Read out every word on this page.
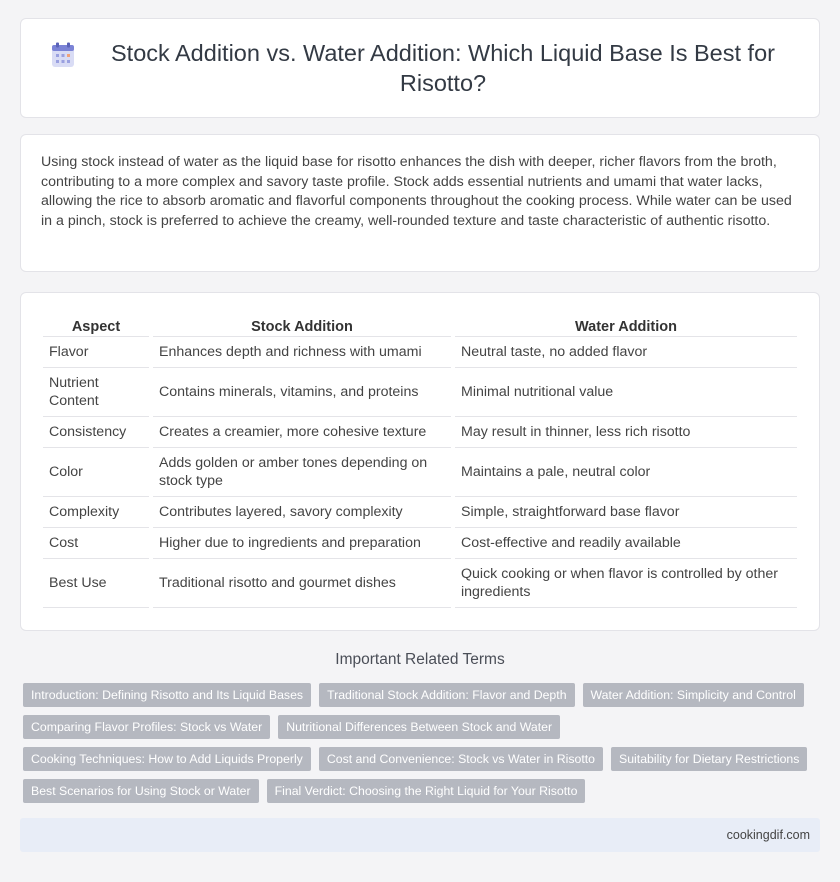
Stock Addition vs. Water Addition: Which Liquid Base Is Best for Risotto?

Using stock instead of water as the liquid base for risotto enhances the dish with deeper, richer flavors from the broth, contributing to a more complex and savory taste profile. Stock adds essential nutrients and umami that water lacks, allowing the rice to absorb aromatic and flavorful components throughout the cooking process. While water can be used in a pinch, stock is preferred to achieve the creamy, well-rounded texture and taste characteristic of authentic risotto.

Aspect	Stock Addition	Water Addition
Flavor	Enhances depth and richness with umami	Neutral taste, no added flavor
Nutrient Content	Contains minerals, vitamins, and proteins	Minimal nutritional value
Consistency	Creates a creamier, more cohesive texture	May result in thinner, less rich risotto
Color	Adds golden or amber tones depending on stock type	Maintains a pale, neutral color
Complexity	Contributes layered, savory complexity	Simple, straightforward base flavor
Cost	Higher due to ingredients and preparation	Cost-effective and readily available
Best Use	Traditional risotto and gourmet dishes	Quick cooking or when flavor is controlled by other ingredients
Important Related Terms
Introduction: Defining Risotto and Its Liquid Bases	Traditional Stock Addition: Flavor and Depth	Water Addition: Simplicity and Control
Comparing Flavor Profiles: Stock vs Water	Nutritional Differences Between Stock and Water
Cooking Techniques: How to Add Liquids Properly	Cost and Convenience: Stock vs Water in Risotto	Suitability for Dietary Restrictions
Best Scenarios for Using Stock or Water	Final Verdict: Choosing the Right Liquid for Your Risotto
cookingdif.com
